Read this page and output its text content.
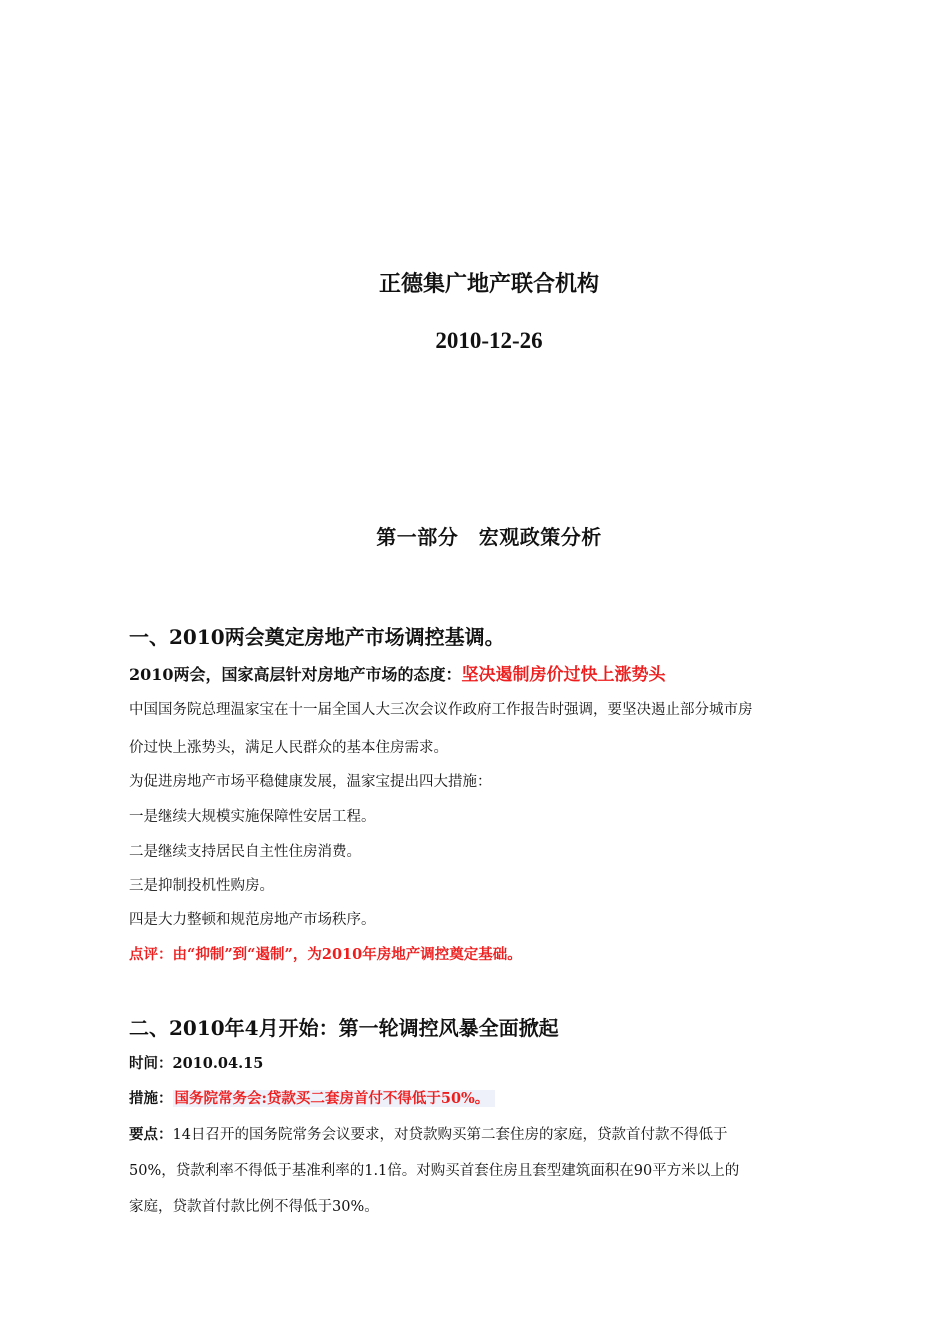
正德集广地产联合机构
2010-12-26
第一部分　宏观政策分析
一、2010两会奠定房地产市场调控基调。
2010两会，国家高层针对房地产市场的态度：坚决遏制房价过快上涨势头
中国国务院总理温家宝在十一届全国人大三次会议作政府工作报告时强调，要坚决遏止部分城市房
价过快上涨势头，满足人民群众的基本住房需求。
为促进房地产市场平稳健康发展，温家宝提出四大措施：
一是继续大规模实施保障性安居工程。
二是继续支持居民自主性住房消费。
三是抑制投机性购房。
四是大力整顿和规范房地产市场秩序。
点评：由“抑制”到“遏制”，为2010年房地产调控奠定基础。
二、2010年4月开始：第一轮调控风暴全面掀起
时间：2010.04.15
措施： 国务院常务会:贷款买二套房首付不得低于50%。
要点：14日召开的国务院常务会议要求，对贷款购买第二套住房的家庭，贷款首付款不得低于
50%，贷款利率不得低于基准利率的1.1倍。对购买首套住房且套型建筑面积在90平方米以上的
家庭，贷款首付款比例不得低于30%。
